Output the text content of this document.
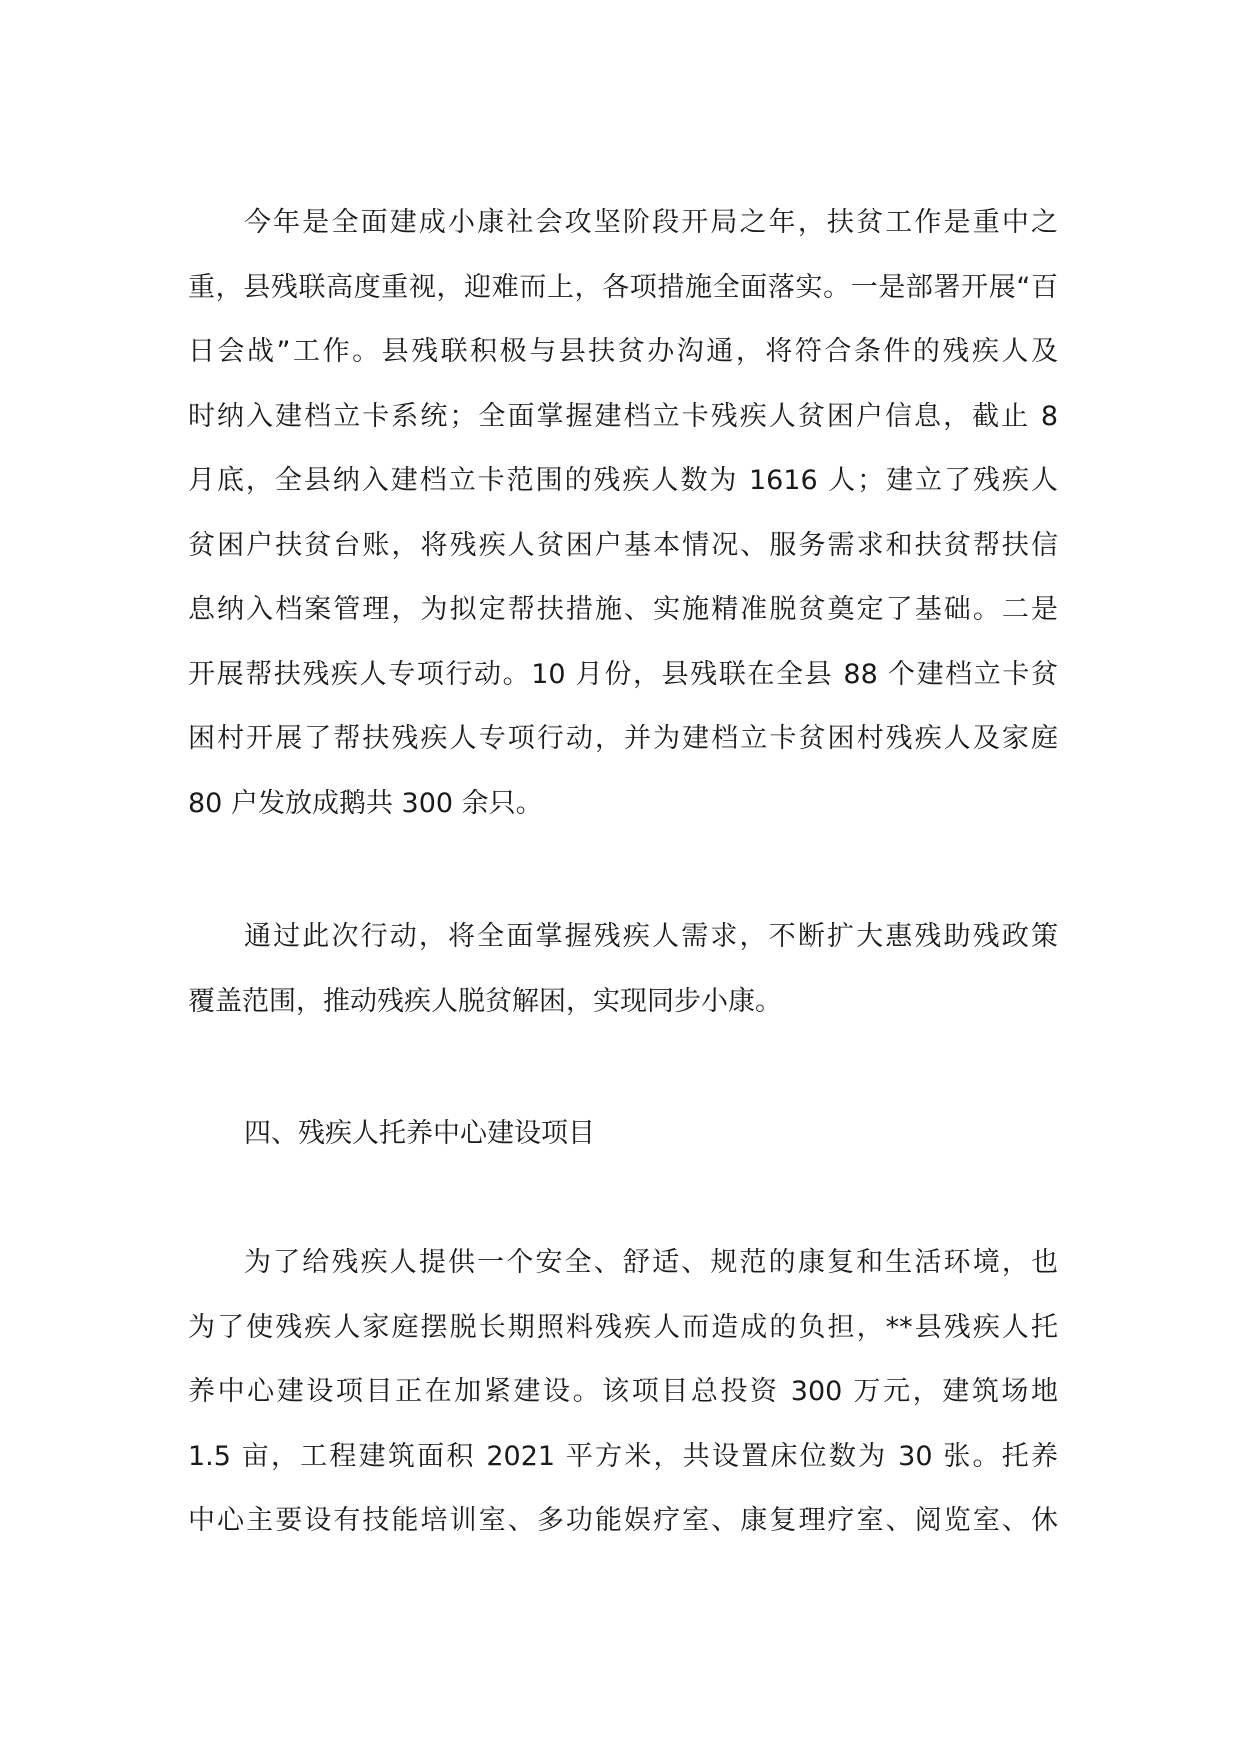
今年是全面建成小康社会攻坚阶段开局之年，扶贫工作是重中之
重，县残联高度重视，迎难而上，各项措施全面落实。一是部署开展“百
日会战”工作。县残联积极与县扶贫办沟通，将符合条件的残疾人及
时纳入建档立卡系统；全面掌握建档立卡残疾人贫困户信息，截止 8
月底，全县纳入建档立卡范围的残疾人数为 1616 人；建立了残疾人
贫困户扶贫台账，将残疾人贫困户基本情况、服务需求和扶贫帮扶信
息纳入档案管理，为拟定帮扶措施、实施精准脱贫奠定了基础。二是
开展帮扶残疾人专项行动。10 月份，县残联在全县 88 个建档立卡贫
困村开展了帮扶残疾人专项行动，并为建档立卡贫困村残疾人及家庭
80 户发放成鹅共 300 余只。
通过此次行动，将全面掌握残疾人需求，不断扩大惠残助残政策
覆盖范围，推动残疾人脱贫解困，实现同步小康。
四、残疾人托养中心建设项目
为了给残疾人提供一个安全、舒适、规范的康复和生活环境，也
为了使残疾人家庭摆脱长期照料残疾人而造成的负担，**县残疾人托
养中心建设项目正在加紧建设。该项目总投资 300 万元，建筑场地
1.5 亩，工程建筑面积 2021 平方米，共设置床位数为 30 张。托养
中心主要设有技能培训室、多功能娱疗室、康复理疗室、阅览室、休
